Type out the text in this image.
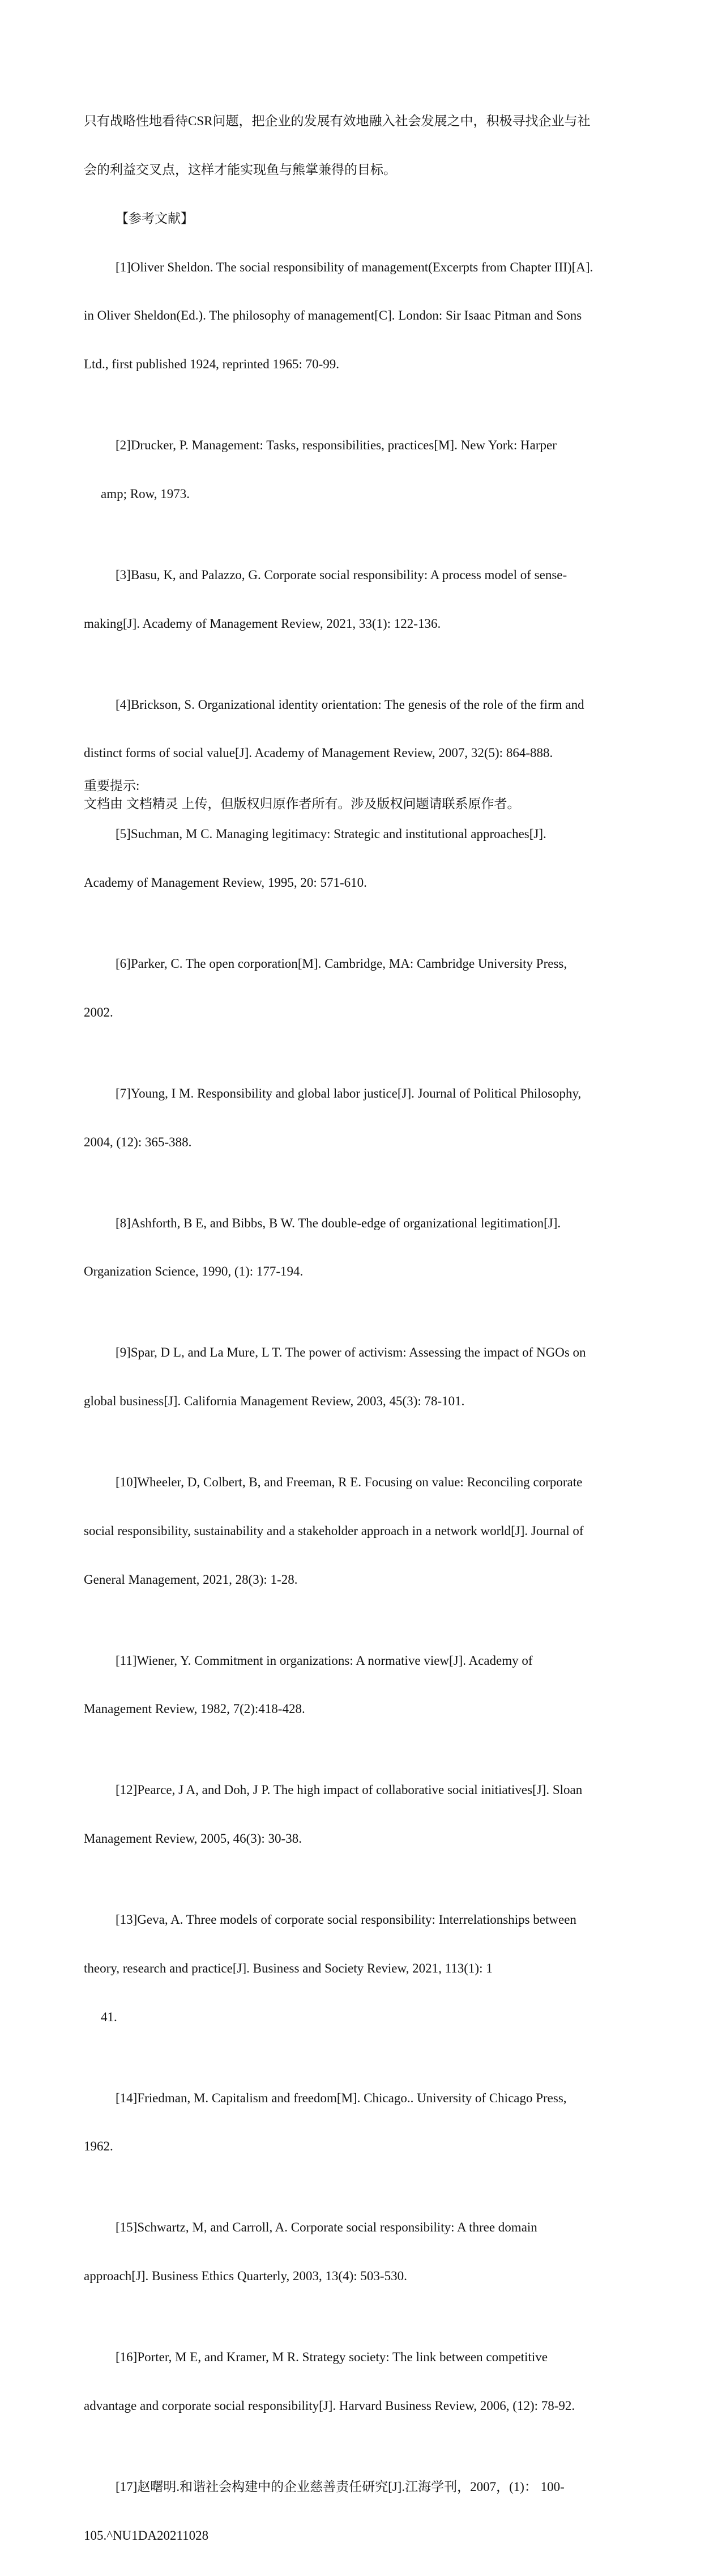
只有战略性地看待CSR问题，把企业的发展有效地融入社会发展之中，积极寻找企业与社

会的利益交叉点，这样才能实现鱼与熊掌兼得的目标。

【参考文献】

[1]Oliver Sheldon. The social responsibility of management(Excerpts from Chapter III)[A].

in Oliver Sheldon(Ed.). The philosophy of management[C]. London: Sir Isaac Pitman and Sons

Ltd., first published 1924, reprinted 1965: 70-99.

[2]Drucker, P. Management: Tasks, responsibilities, practices[M]. New York: Harper

amp; Row, 1973.

[3]Basu, K, and Palazzo, G. Corporate social responsibility: A process model of sense-

making[J]. Academy of Management Review, 2021, 33(1): 122-136.

[4]Brickson, S. Organizational identity orientation: The genesis of the role of the firm and

distinct forms of social value[J]. Academy of Management Review, 2007, 32(5): 864-888.

[5]Suchman, M C. Managing legitimacy: Strategic and institutional approaches[J].

Academy of Management Review, 1995, 20: 571-610.

[6]Parker, C. The open corporation[M]. Cambridge, MA: Cambridge University Press,

2002.

[7]Young, I M. Responsibility and global labor justice[J]. Journal of Political Philosophy,

2004, (12): 365-388.

[8]Ashforth, B E, and Bibbs, B W. The double-edge of organizational legitimation[J].

Organization Science, 1990, (1): 177-194.

[9]Spar, D L, and La Mure, L T. The power of activism: Assessing the impact of NGOs on

global business[J]. California Management Review, 2003, 45(3): 78-101.

[10]Wheeler, D, Colbert, B, and Freeman, R E. Focusing on value: Reconciling corporate

social responsibility, sustainability and a stakeholder approach in a network world[J]. Journal of

General Management, 2021, 28(3): 1-28.

[11]Wiener, Y. Commitment in organizations: A normative view[J]. Academy of

Management Review, 1982, 7(2):418-428.

[12]Pearce, J A, and Doh, J P. The high impact of collaborative social initiatives[J]. Sloan

Management Review, 2005, 46(3): 30-38.

[13]Geva, A. Three models of corporate social responsibility: Interrelationships between

theory, research and practice[J]. Business and Society Review, 2021, 113(1): 1

41.

[14]Friedman, M. Capitalism and freedom[M]. Chicago.. University of Chicago Press,

1962.

[15]Schwartz, M, and Carroll, A. Corporate social responsibility: A three domain

approach[J]. Business Ethics Quarterly, 2003, 13(4): 503-530.

[16]Porter, M E, and Kramer, M R. Strategy society: The link between competitive

advantage and corporate social responsibility[J]. Harvard Business Review, 2006, (12): 78-92.

[17]赵曙明.和谐社会构建中的企业慈善责任研究[J].江海学刊，2007，(1)： 100-

105.^NU1DA20211028

重要提示:

文档由 文档精灵 上传，但版权归原作者所有。涉及版权问题请联系原作者。
